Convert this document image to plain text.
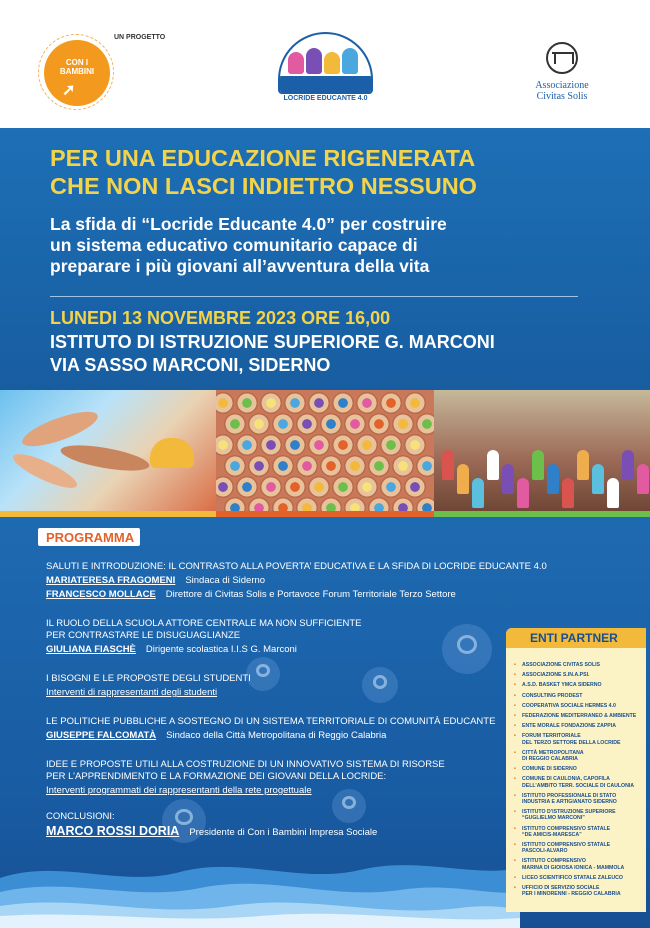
UN PROGETTO
CON I BAMBINI
➚	LOCRIDE EDUCANTE 4.0
Associazione
Civitas Solis
PER UNA EDUCAZIONE RIGENERATA
CHE NON LASCI INDIETRO NESSUNO
La sfida di “Locride Educante 4.0” per costruire
un sistema educativo comunitario capace di
preparare i più giovani all’avventura della vita
LUNEDI 13 NOVEMBRE 2023 ORE 16,00
ISTITUTO DI ISTRUZIONE SUPERIORE G. MARCONI
VIA SASSO MARCONI, SIDERNO
PROGRAMMA
SALUTI E INTRODUZIONE: IL CONTRASTO ALLA POVERTA’ EDUCATIVA E LA SFIDA DI LOCRIDE EDUCANTE 4.0
MARIATERESA FRAGOMENI Sindaca di Siderno
FRANCESCO MOLLACE Direttore di Civitas Solis e Portavoce Forum Territoriale Terzo Settore
IL RUOLO DELLA SCUOLA ATTORE CENTRALE MA NON SUFFICIENTE
PER CONTRASTARE LE DISUGUAGLIANZE
GIULIANA FIASCHÈ Dirigente scolastica I.I.S G. Marconi
I BISOGNI E LE PROPOSTE DEGLI STUDENTI
Interventi di rappresentanti degli studenti
LE POLITICHE PUBBLICHE A SOSTEGNO DI UN SISTEMA TERRITORIALE DI COMUNITÀ EDUCANTE
GIUSEPPE FALCOMATÀ Sindaco della Città Metropolitana di Reggio Calabria
IDEE E PROPOSTE UTILI ALLA COSTRUZIONE DI UN INNOVATIVO SISTEMA DI RISORSE
PER L’APPRENDIMENTO E LA FORMAZIONE DEI GIOVANI DELLA LOCRIDE:
Interventi programmati dei rappresentanti della rete progettuale
CONCLUSIONI:
MARCO ROSSI DORIA Presidente di Con i Bambini Impresa Sociale
ENTI PARTNER
• ASSOCIAZIONE CIVITAS SOLIS
• ASSOCIAZIONE S.IN.A.PSI.
• A.S.D. BASKET YMCA SIDERNO
• CONSULTING PRODEST
• COOPERATIVA SOCIALE HERMES 4.0
• FEDERAZIONE MEDITERRANEO & AMBIENTE
• ENTE MORALE FONDAZIONE ZAPPIA
• FORUM TERRITORIALE
DEL TERZO SETTORE DELLA LOCRIDE
• CITTÀ METROPOLITANA
DI REGGIO CALABRIA
• COMUNE DI SIDERNO
• COMUNE DI CAULONIA, CAPOFILA
DELL’AMBITO TERR. SOCIALE DI CAULONIA
• ISTITUTO PROFESSIONALE DI STATO
INDUSTRIA E ARTIGIANATO SIDERNO
• ISTITUTO D’ISTRUZIONE SUPERIORE
“GUGLIELMO MARCONI”
• ISTITUTO COMPRENSIVO STATALE
“DE AMICIS-MARESCA”
• ISTITUTO COMPRENSIVO STATALE
PASCOLI-ALVARO
• ISTITUTO COMPRENSIVO
MARINA DI GIOIOSA IONICA - MAMMOLA
• LICEO SCIENTIFICO STATALE ZALEUCO
• UFFICIO DI SERVIZIO SOCIALE
PER I MINORENNI - REGGIO CALABRIA
